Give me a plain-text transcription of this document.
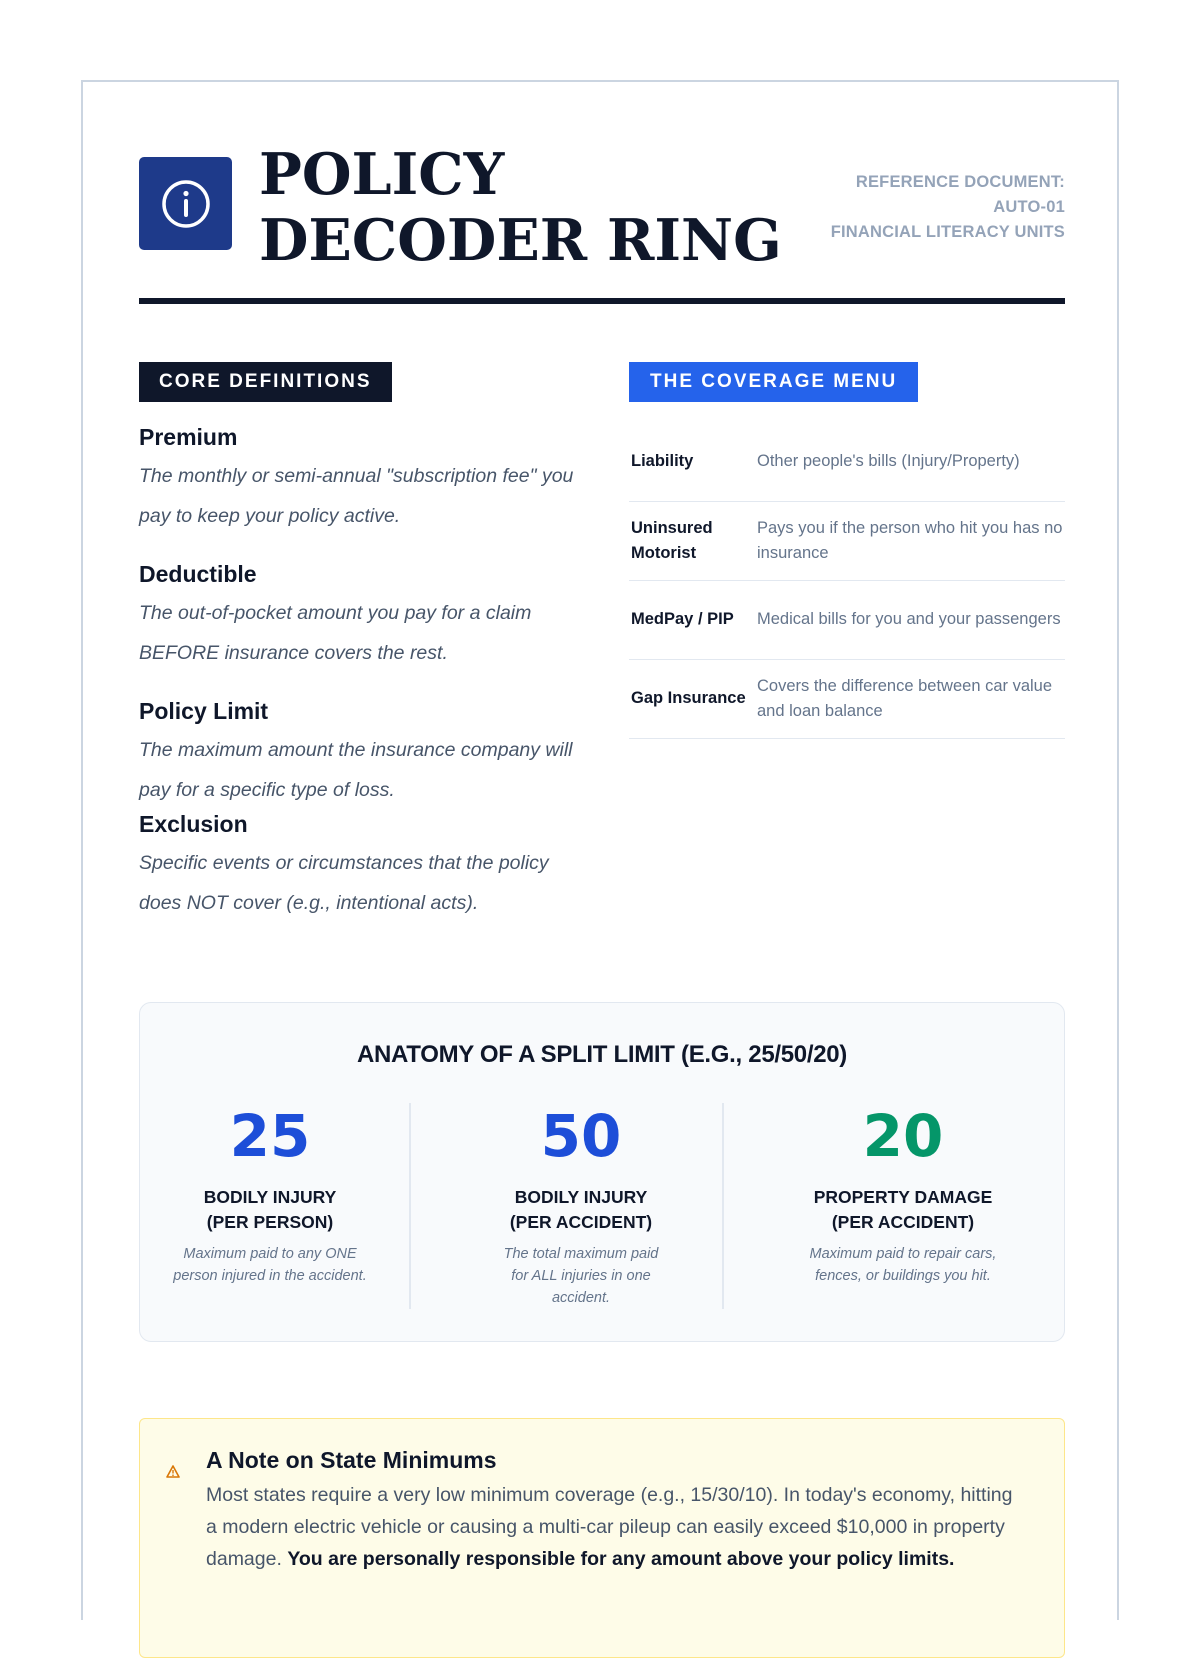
POLICY DECODER RING
REFERENCE DOCUMENT:
AUTO-01
FINANCIAL LITERACY UNITS
CORE DEFINITIONS
Premium
The monthly or semi-annual "subscription fee" you pay to keep your policy active.
Deductible
The out-of-pocket amount you pay for a claim BEFORE insurance covers the rest.
Policy Limit
The maximum amount the insurance company will pay for a specific type of loss.
Exclusion
Specific events or circumstances that the policy does NOT cover (e.g., intentional acts).
THE COVERAGE MENU
Liability	Other people's bills (Injury/Property)
Uninsured Motorist	Pays you if the person who hit you has no insurance
MedPay / PIP	Medical bills for you and your passengers
Gap Insurance	Covers the difference between car value and loan balance
ANATOMY OF A SPLIT LIMIT (E.G., 25/50/20)
25
BODILY INJURY
(PER PERSON)
Maximum paid to any ONE person injured in the accident.
50
BODILY INJURY
(PER ACCIDENT)
The total maximum paid for ALL injuries in one accident.
20
PROPERTY DAMAGE
(PER ACCIDENT)
Maximum paid to repair cars, fences, or buildings you hit.
A Note on State Minimums
Most states require a very low minimum coverage (e.g., 15/30/10). In today's economy, hitting a modern electric vehicle or causing a multi-car pileup can easily exceed $10,000 in property damage. You are personally responsible for any amount above your policy limits.
